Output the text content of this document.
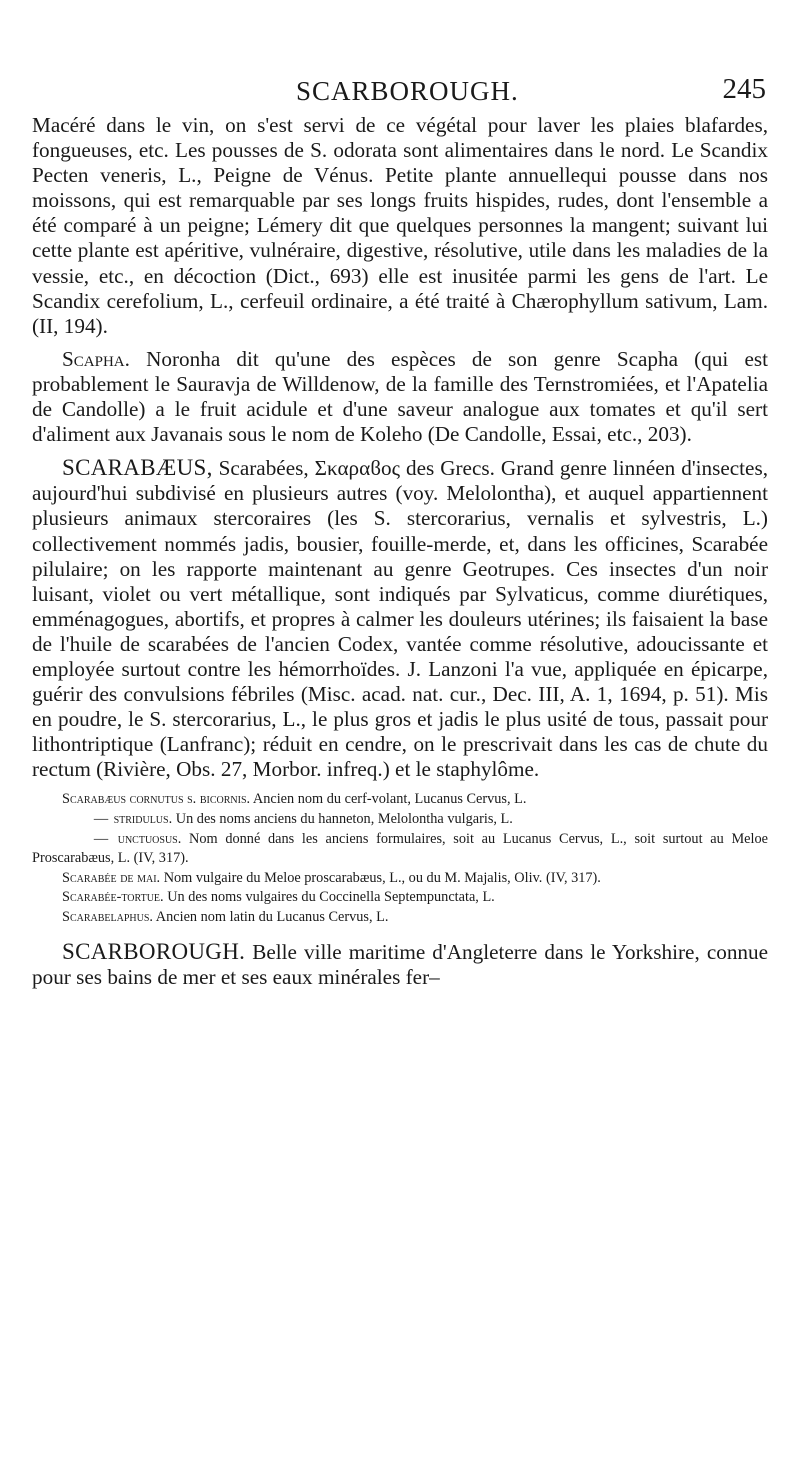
SCARBOROUGH.	245

Macéré dans le vin, on s'est servi de ce végétal pour laver les plaies blafardes, fongueuses, etc. Les pousses de S. odorata sont alimentaires dans le nord. Le Scandix Pecten veneris, L., Peigne de Vénus. Petite plante annuellequi pousse dans nos moissons, qui est remarquable par ses longs fruits hispides, rudes, dont l'ensemble a été comparé à un peigne; Lémery dit que quelques personnes la mangent; suivant lui cette plante est apéritive, vulnéraire, digestive, résolutive, utile dans les maladies de la vessie, etc., en décoction (Dict., 693) elle est inusitée parmi les gens de l'art. Le Scandix cerefolium, L., cerfeuil ordinaire, a été traité à Chærophyllum sativum, Lam. (II, 194).

Scapha. Noronha dit qu'une des espèces de son genre Scapha (qui est probablement le Sauravja de Willdenow, de la famille des Ternstromiées, et l'Apatelia de Candolle) a le fruit acidule et d'une saveur analogue aux tomates et qu'il sert d'aliment aux Javanais sous le nom de Koleho (De Candolle, Essai, etc., 203).

SCARABÆUS, Scarabées, Σκαραϐος des Grecs. Grand genre linnéen d'insectes, aujourd'hui subdivisé en plusieurs autres (voy. Melolontha), et auquel appartiennent plusieurs animaux stercoraires (les S. stercorarius, vernalis et sylvestris, L.) collectivement nommés jadis, bousier, fouille-merde, et, dans les officines, Scarabée pilulaire; on les rapporte maintenant au genre Geotrupes. Ces insectes d'un noir luisant, violet ou vert métallique, sont indiqués par Sylvaticus, comme diurétiques, emménagogues, abortifs, et propres à calmer les douleurs utérines; ils faisaient la base de l'huile de scarabées de l'ancien Codex, vantée comme résolutive, adoucissante et employée surtout contre les hémorrhoïdes. J. Lanzoni l'a vue, appliquée en épicarpe, guérir des convulsions fébriles (Misc. acad. nat. cur., Dec. III, A. 1, 1694, p. 51). Mis en poudre, le S. stercorarius, L., le plus gros et jadis le plus usité de tous, passait pour lithontriptique (Lanfranc); réduit en cendre, on le prescrivait dans les cas de chute du rectum (Rivière, Obs. 27, Morbor. infreq.) et le staphylôme.

Scarabæus cornutus s. bicornis. Ancien nom du cerf-volant, Lucanus Cervus, L.

— stridulus. Un des noms anciens du hanneton, Melolontha vulgaris, L.

— unctuosus. Nom donné dans les anciens formulaires, soit au Lucanus Cervus, L., soit surtout au Meloe Proscarabæus, L. (IV, 317).

Scarabée de mai. Nom vulgaire du Meloe proscarabæus, L., ou du M. Majalis, Oliv. (IV, 317).

Scarabée-tortue. Un des noms vulgaires du Coccinella Septempunctata, L.

Scarabelaphus. Ancien nom latin du Lucanus Cervus, L.

SCARBOROUGH. Belle ville maritime d'Angleterre dans le Yorkshire, connue pour ses bains de mer et ses eaux minérales fer–
